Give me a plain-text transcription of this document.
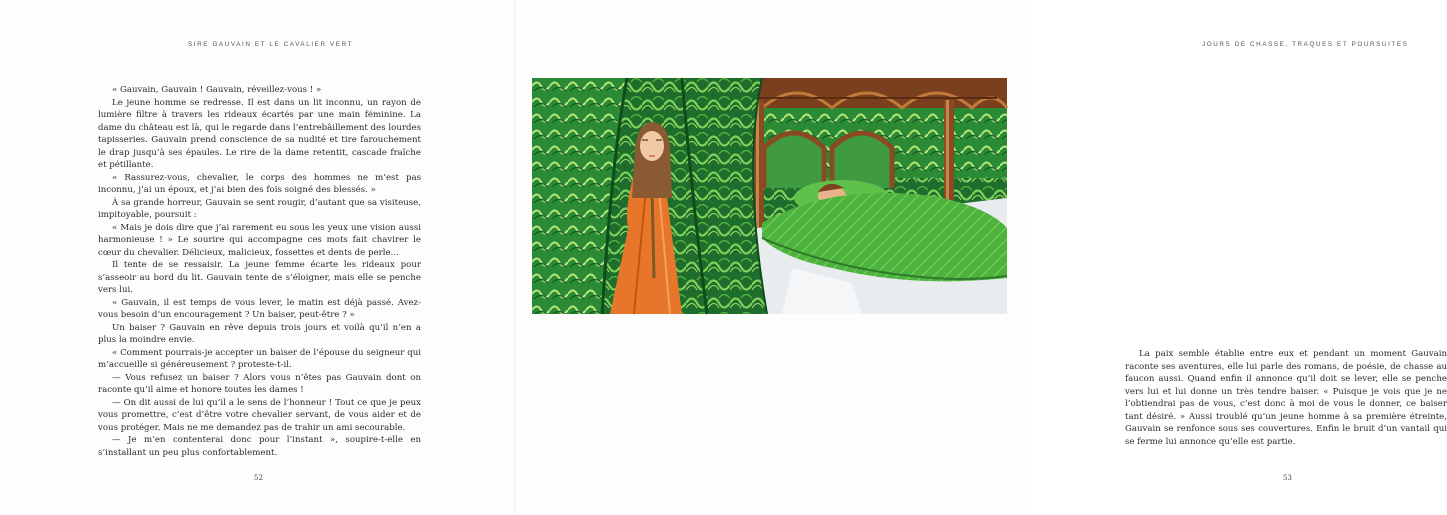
SIRE GAUVAIN ET LE CAVALIER VERT

« Gauvain, Gauvain ! Gauvain, réveillez-vous ! »

Le jeune homme se redresse. Il est dans un lit inconnu, un rayon de lumière filtre à travers les rideaux écartés par une main féminine. La dame du château est là, qui le regarde dans l’entrebâillement des lourdes tapisseries. Gauvain prend conscience de sa nudité et tire farouchement le drap jusqu’à ses épaules. Le rire de la dame retentit, cascade fraîche et pétillante.

« Rassurez-vous, chevalier, le corps des hommes ne m’est pas inconnu, j’ai un époux, et j’ai bien des fois soigné des blessés. »

À sa grande horreur, Gauvain se sent rougir, d’autant que sa visiteuse, impitoyable, poursuit :

« Mais je dois dire que j’ai rarement eu sous les yeux une vision aussi harmonieuse ! » Le sourire qui accompagne ces mots fait chavirer le cœur du chevalier. Délicieux, malicieux, fossettes et dents de perle…

Il tente de se ressaisir. La jeune femme écarte les rideaux pour s’asseoir au bord du lit. Gauvain tente de s’éloigner, mais elle se penche vers lui.

« Gauvain, il est temps de vous lever, le matin est déjà passé. Avez-vous besoin d’un encouragement ? Un baiser, peut-être ? »

Un baiser ? Gauvain en rêve depuis trois jours et voilà qu’il n’en a plus la moindre envie.

« Comment pourrais-je accepter un baiser de l’épouse du seigneur qui m’accueille si généreusement ? proteste-t-il.

— Vous refusez un baiser ? Alors vous n’êtes pas Gauvain dont on raconte qu’il aime et honore toutes les dames !

— On dit aussi de lui qu’il a le sens de l’honneur ! Tout ce que je peux vous promettre, c’est d’être votre chevalier servant, de vous aider et de vous protéger. Mais ne me demandez pas de trahir un ami secourable.

— Je m’en contenterai donc pour l’instant », soupire-t-elle en s’installant un peu plus confortablement.

52
JOURS DE CHASSE, TRAQUES ET POURSUITES

La paix semble établie entre eux et pendant un moment Gauvain raconte ses aventures, elle lui parle des romans, de poésie, de chasse au faucon aussi. Quand enfin il annonce qu’il doit se lever, elle se penche vers lui et lui donne un très tendre baiser. « Puisque je vois que je ne l’obtiendrai pas de vous, c’est donc à moi de vous le donner, ce baiser tant désiré. » Aussi troublé qu’un jeune homme à sa première étreinte, Gauvain se renfonce sous ses couvertures. Enfin le bruit d’un vantail qui se ferme lui annonce qu’elle est partie.

53
